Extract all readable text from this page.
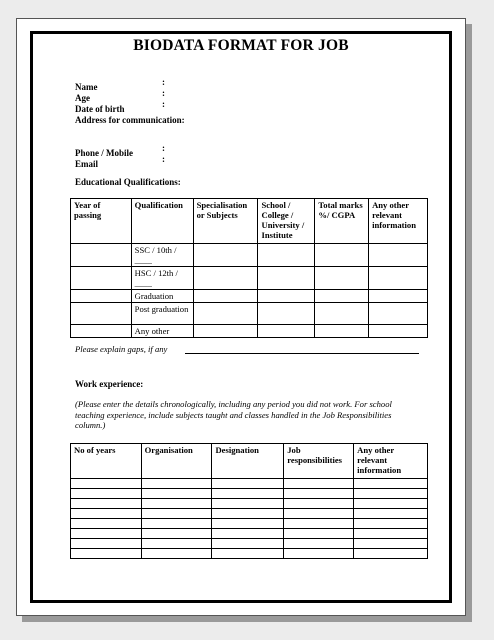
BIODATA FORMAT FOR JOB
Name	:
Age	:
Date of birth	:
Address for communication:
Phone / Mobile	:
Email	:
Educational Qualifications:
Year of passing	Qualification	Specialisation or Subjects	School / College / University / Institute	Total marks %/ CGPA	Any other relevant information
	SSC / 10th / ____				
	HSC / 12th / ____				
	Graduation				
	Post graduation				
	Any other				
Please explain gaps, if any
Work experience:
(Please enter the details chronologically, including any period you did not work. For school teaching experience, include subjects taught and classes handled in the Job Responsibilities column.)
No of years	Organisation	Designation	Job responsibilities	Any other relevant information
